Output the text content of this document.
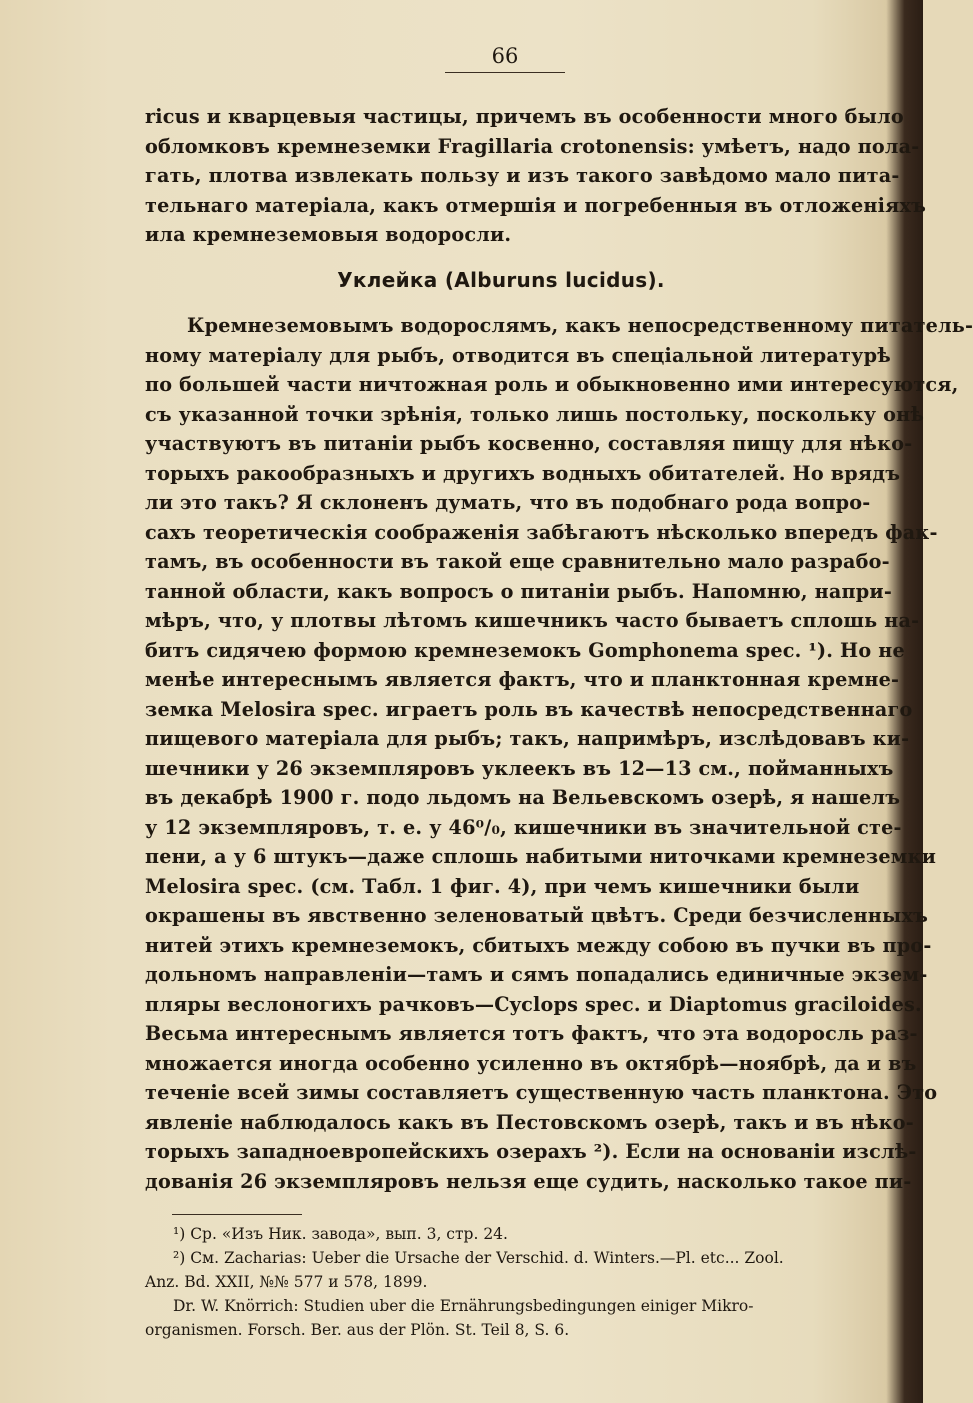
66
ricus и кварцевыя частицы, причемъ въ особенности много было
обломковъ кремнеземки Fragillaria crotonensis: умѣетъ, надо пола-
гать, плотва извлекать пользу и изъ такого завѣдомо мало пита-
тельнаго матеріала, какъ отмершія и погребенныя въ отложеніяхъ
ила кремнеземовыя водоросли.
Уклейка (Alburuns lucidus).
Кремнеземовымъ водорослямъ, какъ непосредственному питатель-
ному матеріалу для рыбъ, отводится въ спеціальной литературѣ
по большей части ничтожная роль и обыкновенно ими интересуются,
съ указанной точки зрѣнія, только лишь постольку, поскольку онѣ
участвуютъ въ питаніи рыбъ косвенно, составляя пищу для нѣко-
торыхъ ракообразныхъ и другихъ водныхъ обитателей. Но врядъ
ли это такъ? Я склоненъ думать, что въ подобнаго рода вопро-
сахъ теоретическія соображенія забѣгаютъ нѣсколько впередъ фак-
тамъ, въ особенности въ такой еще сравнительно мало разрабо-
танной области, какъ вопросъ о питаніи рыбъ. Напомню, напри-
мѣръ, что, у плотвы лѣтомъ кишечникъ часто бываетъ сплошь на-
битъ сидячею формою кремнеземокъ Gomphonema spec. ¹). Но не
менѣе интереснымъ является фактъ, что и планктонная кремне-
земка Melosira spec. играетъ роль въ качествѣ непосредственнаго
пищевого матеріала для рыбъ; такъ, напримѣръ, изслѣдовавъ ки-
шечники у 26 экземпляровъ уклеекъ въ 12—13 см., пойманныхъ
въ декабрѣ 1900 г. подо льдомъ на Вельевскомъ озерѣ, я нашелъ
у 12 экземпляровъ, т. е. у 46⁰/₀, кишечники въ значительной сте-
пени, а у 6 штукъ—даже сплошь набитыми ниточками кремнеземки
Melosira spec. (см. Табл. 1 фиг. 4), при чемъ кишечники были
окрашены въ явственно зеленоватый цвѣтъ. Среди безчисленныхъ
нитей этихъ кремнеземокъ, сбитыхъ между собою въ пучки въ про-
дольномъ направленіи—тамъ и сямъ попадались единичные экзем-
пляры веслоногихъ рачковъ—Cyclops spec. и Diaptomus gracilоides.
Весьма интереснымъ является тотъ фактъ, что эта водоросль раз-
множается иногда особенно усиленно въ октябрѣ—ноябрѣ, да и въ
теченіе всей зимы составляетъ существенную часть планктона. Это
явленіе наблюдалось какъ въ Пестовскомъ озерѣ, такъ и въ нѣко-
торыхъ западноевропейскихъ озерахъ ²). Если на основаніи изслѣ-
дованія 26 экземпляровъ нельзя еще судить, насколько такое пи-
¹) Ср. «Изъ Ник. завода», вып. 3, стр. 24.
²) См. Zacharias: Ueber die Ursache der Verschid. d. Winters.—Pl. etc... Zool.
Anz. Bd. XXII, №№ 577 и 578, 1899.
Dr. W. Knörrich: Studien uber die Ernährungsbedingungen einiger Mikro-
organismen. Forsch. Ber. aus der Plön. St. Teil 8, S. 6.
